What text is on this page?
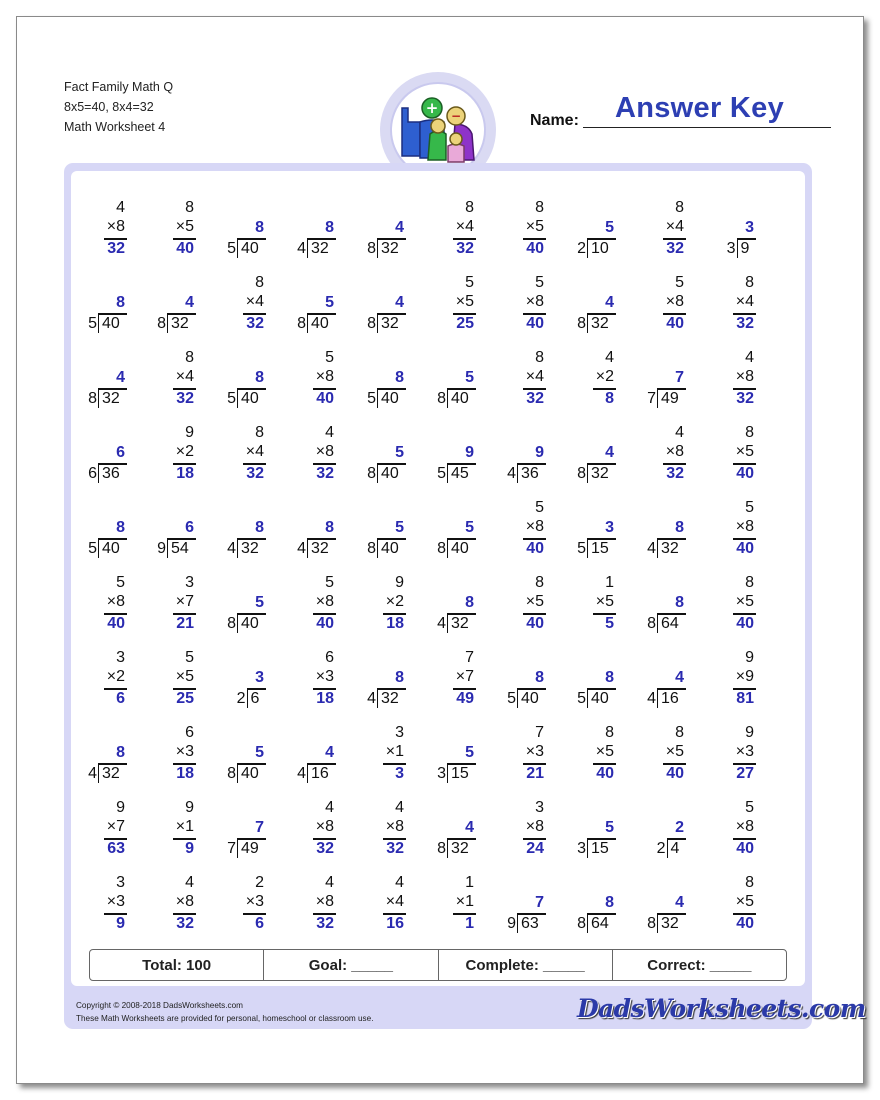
Fact Family Math Q
8x5=40, 8x4=32
Math Worksheet 4
+ −	Name: Answer Key
4
×8
32
8
×5
40
8
5 40
8
4 32
4
8 32
8
×4
32
8
×5
40
5
2 10
8
×4
32
3
3 9
8
5 40
4
8 32
8
×4
32
5
8 40
4
8 32
5
×5
25
5
×8
40
4
8 32
5
×8
40
8
×4
32
4
8 32
8
×4
32
8
5 40
5
×8
40
8
5 40
5
8 40
8
×4
32
4
×2
8
7
7 49
4
×8
32
6
6 36
9
×2
18
8
×4
32
4
×8
32
5
8 40
9
5 45
9
4 36
4
8 32
4
×8
32
8
×5
40
8
5 40
6
9 54
8
4 32
8
4 32
5
8 40
5
8 40
5
×8
40
3
5 15
8
4 32
5
×8
40
5
×8
40
3
×7
21
5
8 40
5
×8
40
9
×2
18
8
4 32
8
×5
40
1
×5
5
8
8 64
8
×5
40
3
×2
6
5
×5
25
3
2 6
6
×3
18
8
4 32
7
×7
49
8
5 40
8
5 40
4
4 16
9
×9
81
8
4 32
6
×3
18
5
8 40
4
4 16
3
×1
3
5
3 15
7
×3
21
8
×5
40
8
×5
40
9
×3
27
9
×7
63
9
×1
9
7
7 49
4
×8
32
4
×8
32
4
8 32
3
×8
24
5
3 15
2
2 4
5
×8
40
3
×3
9
4
×8
32
2
×3
6
4
×8
32
4
×4
16
1
×1
1
7
9 63
8
8 64
4
8 32
8
×5
40
Total: 100	Goal: _____	Complete: _____	Correct: _____
Copyright © 2008-2018 DadsWorksheets.com
These Math Worksheets are provided for personal, homeschool or classroom use.	DadsWorksheets.com
